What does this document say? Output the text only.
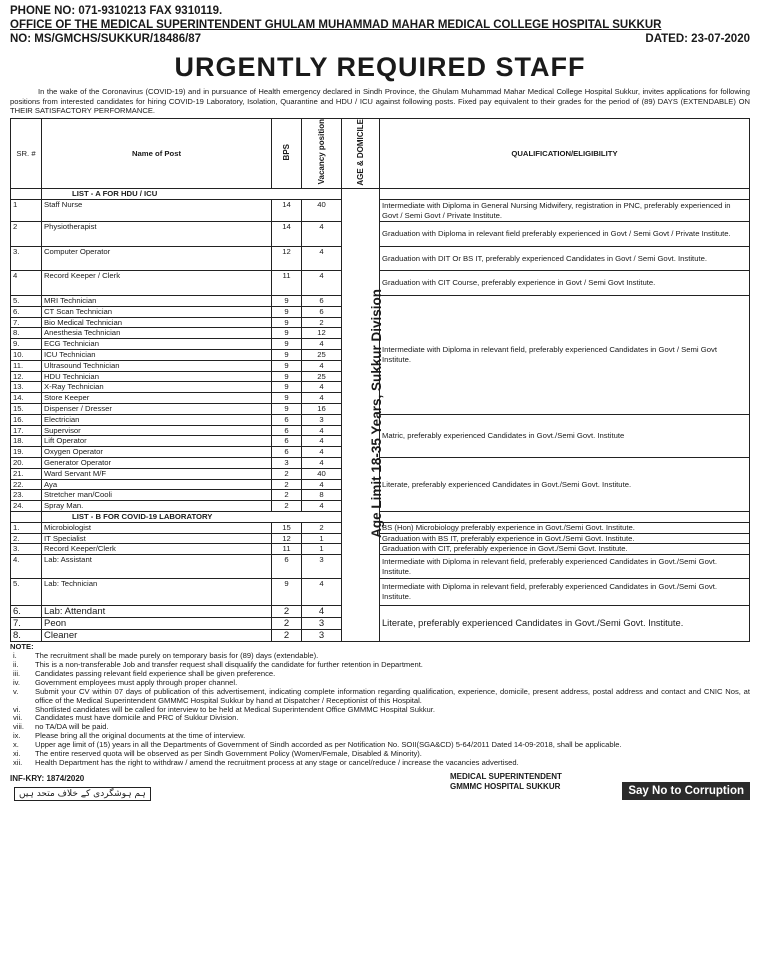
PHONE NO: 071-9310213 FAX 9310119.
OFFICE OF THE MEDICAL SUPERINTENDENT GHULAM MUHAMMAD MAHAR MEDICAL COLLEGE HOSPITAL SUKKUR
NO: MS/GMCHS/SUKKUR/18486/87	DATED: 23-07-2020
URGENTLY REQUIRED STAFF

In the wake of the Coronavirus (COVID-19) and in pursuance of Health emergency declared in Sindh Province, the Ghulam Muhammad Mahar Medical College Hospital Sukkur, invites applications for following positions from interested candidates for hiring COVID-19 Laboratory, Isolation, Quarantine and HDU / ICU against following posts. Fixed pay equivalent to their grades for the period of (89) DAYS (EXTENDABLE) ON THEIR SATISFACTORY PERFORMANCE.

SR. #	Name of Post	BPS	Vacancy position	AGE & DOMICILE	QUALIFICATION/ELIGIBILITY
	LIST - A FOR HDU / ICU			Age Limit 18-35 Years, Sukkur Division	
1	Staff Nurse	14	40		Intermediate with Diploma in General Nursing Midwifery, registration in PNC, preferably experienced in Govt / Semi Govt / Private Institute.
2	Physiotherapist	14	4		Graduation with Diploma in relevant field preferably experienced in Govt / Semi Govt / Private Institute.
3.	Computer Operator	12	4		Graduation with DIT Or BS IT, preferably experienced Candidates in Govt / Semi Govt. Institute.
4	Record Keeper / Clerk	11	4		Graduation with CIT Course, preferably experience in Govt / Semi Govt Institute.
5.	MRI Technician	9	6		Intermediate with Diploma in relevant field, preferably experienced Candidates in Govt / Semi Govt Institute.
6.	CT Scan Technician	9	6		
7.	Bio Medical Technician	9	2		
8.	Anesthesia Technician	9	12		
9.	ECG Technician	9	4		
10.	ICU Technician	9	25		
11.	Ultrasound Technician	9	4		
12.	HDU Technician	9	25		
13.	X-Ray Technician	9	4		
14.	Store Keeper	9	4		
15.	Dispenser / Dresser	9	16		
16.	Electrician	6	3		Matric, preferably experienced Candidates in Govt./Semi Govt. Institute
17.	Supervisor	6	4		
18.	Lift Operator	6	4		
19.	Oxygen Operator	6	4		
20.	Generator Operator	3	4		Literate, preferably experienced Candidates in Govt./Semi Govt. Institute.
21.	Ward Servant M/F	2	40		
22.	Aya	2	4		
23.	Stretcher man/Cooli	2	8		
24.	Spray Man.	2	4		
	LIST - B FOR COVID-19 LABORATORY				
1.	Microbiologist	15	2		BS (Hon) Microbiology preferably experience in Govt./Semi Govt. Institute.
2.	IT Specialist	12	1		Graduation with BS IT, preferably experience in Govt./Semi Govt. Institute.
3.	Record Keeper/Clerk	11	1		Graduation with CIT, preferably experience in Govt./Semi Govt. Institute.
4.	Lab: Assistant	6	3		Intermediate with Diploma in relevant field, preferably experienced Candidates in Govt./Semi Govt. Institute.
5.	Lab: Technician	9	4		Intermediate with Diploma in relevant field, preferably experienced Candidates in Govt./Semi Govt. Institute.
6.	Lab: Attendant	2	4		Literate, preferably experienced Candidates in Govt./Semi Govt. Institute.
7.	Peon	2	3		
8.	Cleaner	2	3		
NOTE:
i.	The recruitment shall be made purely on temporary basis for (89) days (extendable).
ii.	This is a non-transferable Job and transfer request shall disqualify the candidate for further retention in Department.
iii.	Candidates passing relevant field experience shall be given preference.
iv.	Government employees must apply through proper channel.
v.	Submit your CV within 07 days of publication of this advertisement, indicating complete information regarding qualification, experience, domicile, present address, postal address and contact and CNIC Nos, at office of the Medical Superintendent GMMMC Hospital Sukkur by hand at Dispatcher / Receptionist of this Hospital.
vi.	Shortlisted candidates will be called for interview to be held at Medical Superintendent Office GMMMC Hospital Sukkur.
vii.	Candidates must have domicile and PRC of Sukkur Division.
viii.	no TA/DA will be paid.
ix.	Please bring all the original documents at the time of interview.
x.	Upper age limit of (15) years in all the Departments of Government of Sindh accorded as per Notification No. SOII(SGA&CD) 5-64/2011 Dated 14-09-2018, shall be applicable.
xi.	The entire reserved quota will be observed as per Sindh Government Policy (Women/Female, Disabled & Minority).
xii.	Health Department has the right to withdraw / amend the recruitment process at any stage or cancel/reduce / increase the vacancies advertised.
INF-KRY: 1874/2020
ہم ہوشگردی کے خلاف متحد ہیں
MEDICAL SUPERINTENDENT
GMMMC HOSPITAL SUKKUR	Say No to Corruption
